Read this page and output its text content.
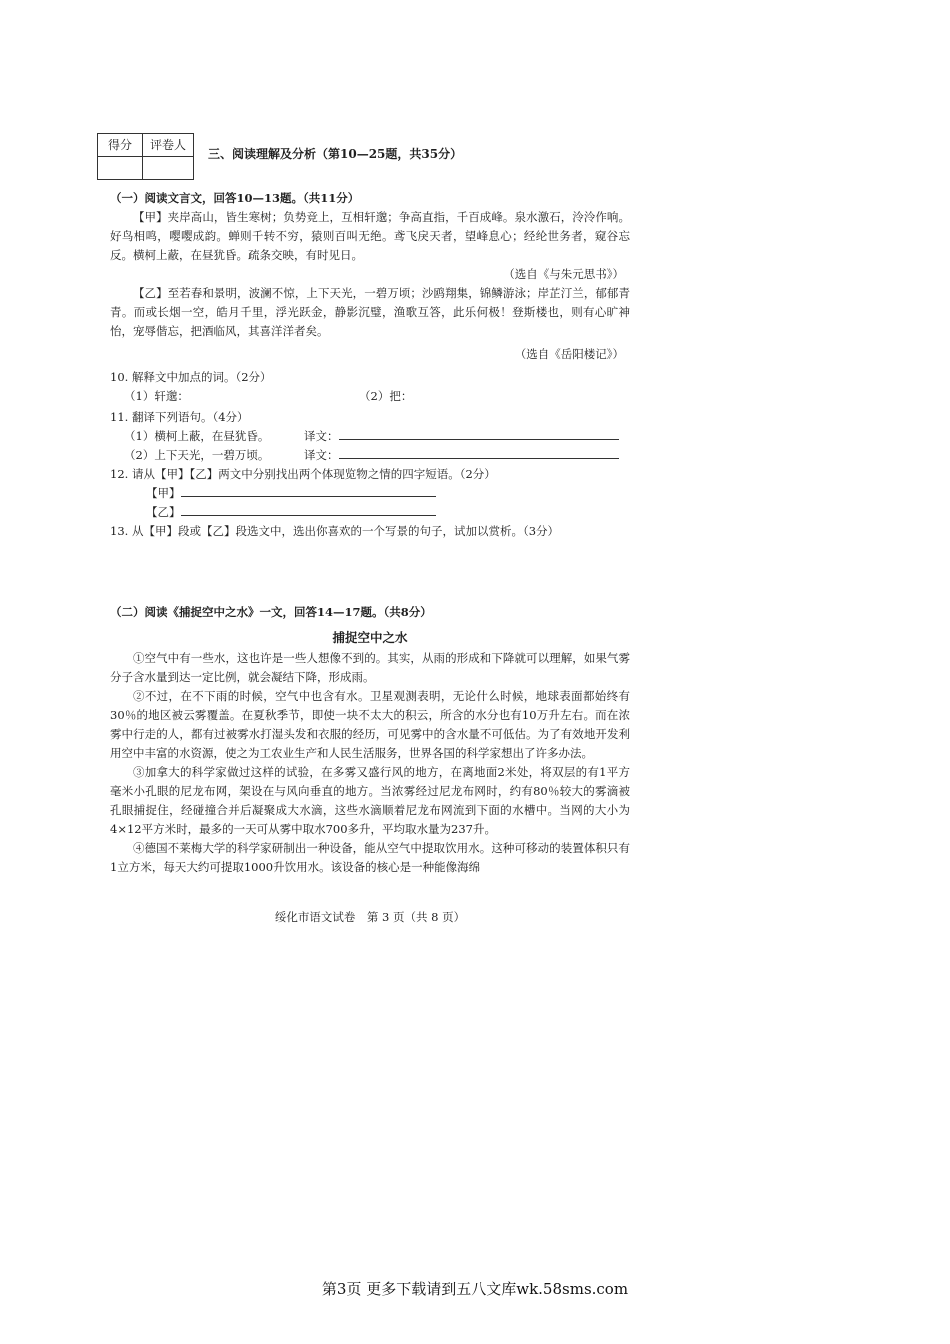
得分	评卷人

三、阅读理解及分析（第10—25题，共35分）

（一）阅读文言文，回答10—13题。（共11分）

【甲】夹岸高山，皆生寒树；负势竞上，互相轩邈；争高直指，千百成峰。泉水激石，泠泠作响。好鸟相鸣，嘤嘤成韵。蝉则千转不穷，猿则百叫无绝。鸢飞戾天者，望峰息心；经纶世务者，窥谷忘反。横柯上蔽，在昼犹昏。疏条交映，有时见日。

（选自《与朱元思书》）

【乙】至若春和景明，波澜不惊，上下天光，一碧万顷；沙鸥翔集，锦鳞游泳；岸芷汀兰，郁郁青青。而或长烟一空，皓月千里，浮光跃金，静影沉璧，渔歌互答，此乐何极！登斯楼也，则有心旷神怡，宠辱偕忘，把酒临风，其喜洋洋者矣。

（选自《岳阳楼记》）

10. 解释文中加点的词。（2分）

（1）轩邈：	（2）把：

11. 翻译下列语句。（4分）

（1）横柯上蔽，在昼犹昏。	译文：
（2）上下天光，一碧万顷。	译文：

12. 请从【甲】【乙】两文中分别找出两个体现览物之情的四字短语。（2分）

【甲】
【乙】

13. 从【甲】段或【乙】段选文中，选出你喜欢的一个写景的句子，试加以赏析。（3分）

（二）阅读《捕捉空中之水》一文，回答14—17题。（共8分）

捕捉空中之水

①空气中有一些水，这也许是一些人想像不到的。其实，从雨的形成和下降就可以理解，如果气雾分子含水量到达一定比例，就会凝结下降，形成雨。

②不过，在不下雨的时候，空气中也含有水。卫星观测表明，无论什么时候，地球表面都始终有30％的地区被云雾覆盖。在夏秋季节，即使一块不太大的积云，所含的水分也有10万升左右。而在浓雾中行走的人，都有过被雾水打湿头发和衣服的经历，可见雾中的含水量不可低估。为了有效地开发利用空中丰富的水资源，使之为工农业生产和人民生活服务，世界各国的科学家想出了许多办法。

③加拿大的科学家做过这样的试验，在多雾又盛行风的地方，在离地面2米处，将双层的有1平方毫米小孔眼的尼龙布网，架设在与风向垂直的地方。当浓雾经过尼龙布网时，约有80％较大的雾滴被孔眼捕捉住，经碰撞合并后凝聚成大水滴，这些水滴顺着尼龙布网流到下面的水槽中。当网的大小为4×12平方米时，最多的一天可从雾中取水700多升，平均取水量为237升。

④德国不莱梅大学的科学家研制出一种设备，能从空气中提取饮用水。这种可移动的装置体积只有1立方米，每天大约可提取1000升饮用水。该设备的核心是一种能像海绵

绥化市语文试卷　第 3 页（共 8 页）
第3页 更多下载请到五八文库wk.58sms.com
